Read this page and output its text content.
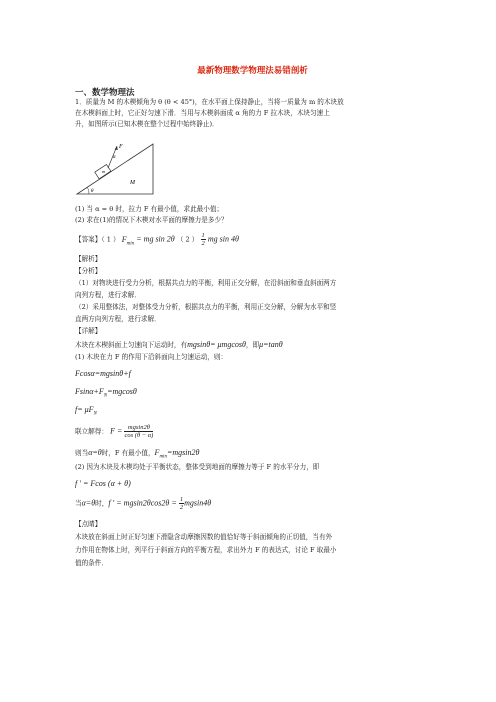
最新物理数学物理法易错剖析
一、数学物理法
1．质量为 M 的木楔倾角为 θ (θ < 45°)，在水平面上保持静止，当将一质量为 m 的木块放
在木楔斜面上时，它正好匀速下滑．当用与木楔斜面成 α 角的力 F 拉木块，木块匀速上
升，如图所示(已知木楔在整个过程中始终静止)．
F
α
m
M
θ
(1) 当 α = θ 时，拉力 F 有最小值，求此最小值；
(2) 求在(1)的情况下木楔对水平面的摩擦力是多少？
【答案】（ 1 ） $F_{min}$ = mg sin 2θ （ 2 ） $\frac{1}{2}$ mg sin 4θ
【解析】
【分析】
（1）对物块进行受力分析，根据共点力的平衡，利用正交分解，在沿斜面和垂直斜面两方
向列方程，进行求解．
（2）采用整体法，对整体受力分析，根据共点力的平衡，利用正交分解，分解为水平和竖
直两方向列方程，进行求解．
【详解】
木块在木楔斜面上匀速向下运动时，有mgsinθ= μmgcosθ，即μ=tanθ
(1) 木块在力 F 的作用下沿斜面向上匀速运动，则：
Fcosα=mgsinθ+f
$Fsin\alpha+F_N=mgcos\theta$
$f= \mu F_N$
联立解得： $F = \frac{mgsin2\theta}{\cos (\theta - \alpha)}$
则当α=θ时，F 有最小值，$F_{min}=mgsin2\theta$
(2) 因为木块及木楔均处于平衡状态，整体受到地面的摩擦力等于 F 的水平分力，即
f ′ = Fcos (α + θ)
当α=θ时，f ′ = $mgsin2\theta\cos 2\theta = \frac{1}{2} mgsin4\theta$
【点睛】
木块放在斜面上时正好匀速下滑隐含动摩擦因数的值恰好等于斜面倾角的正切值，当有外
力作用在物体上时，列平行于斜面方向的平衡方程，求出外力 F 的表达式，讨论 F 取最小
值的条件．
